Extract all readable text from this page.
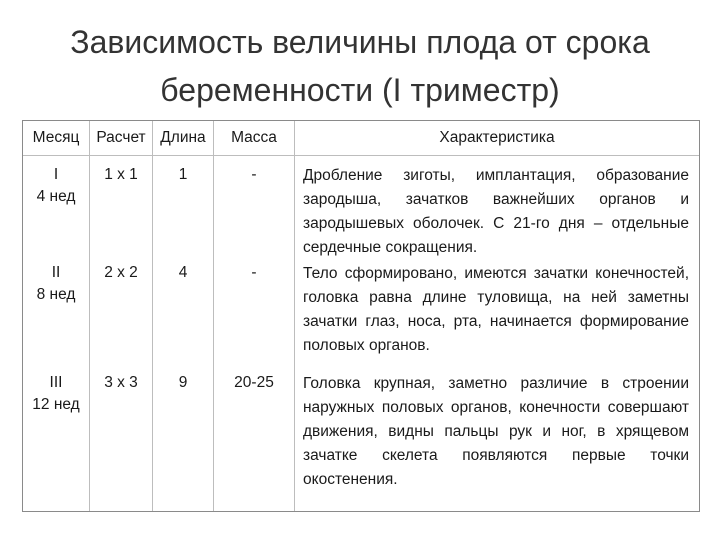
Зависимость величины плода от срока
беременности (I триместр)
Месяц	Расчет	Длина	Масса	Характеристика

I
4 нед	1 х 1	1	-	Дробление зиготы, имплантация, образование зародыша, зачатков важнейших органов и зародышевых оболочек. С 21-го дня – отдельные сердечные сокращения.

II
8 нед	2 х 2	4	-	Тело сформировано, имеются зачатки конечностей, головка равна длине туловища, на ней заметны зачатки глаз, носа, рта, начинается формирование половых органов.

III
12 нед	3 х 3	9	20-25	Головка крупная, заметно различие в строении наружных половых органов, конечности совершают движения, видны пальцы рук и ног, в хрящевом зачатке скелета появляются первые точки окостенения.
